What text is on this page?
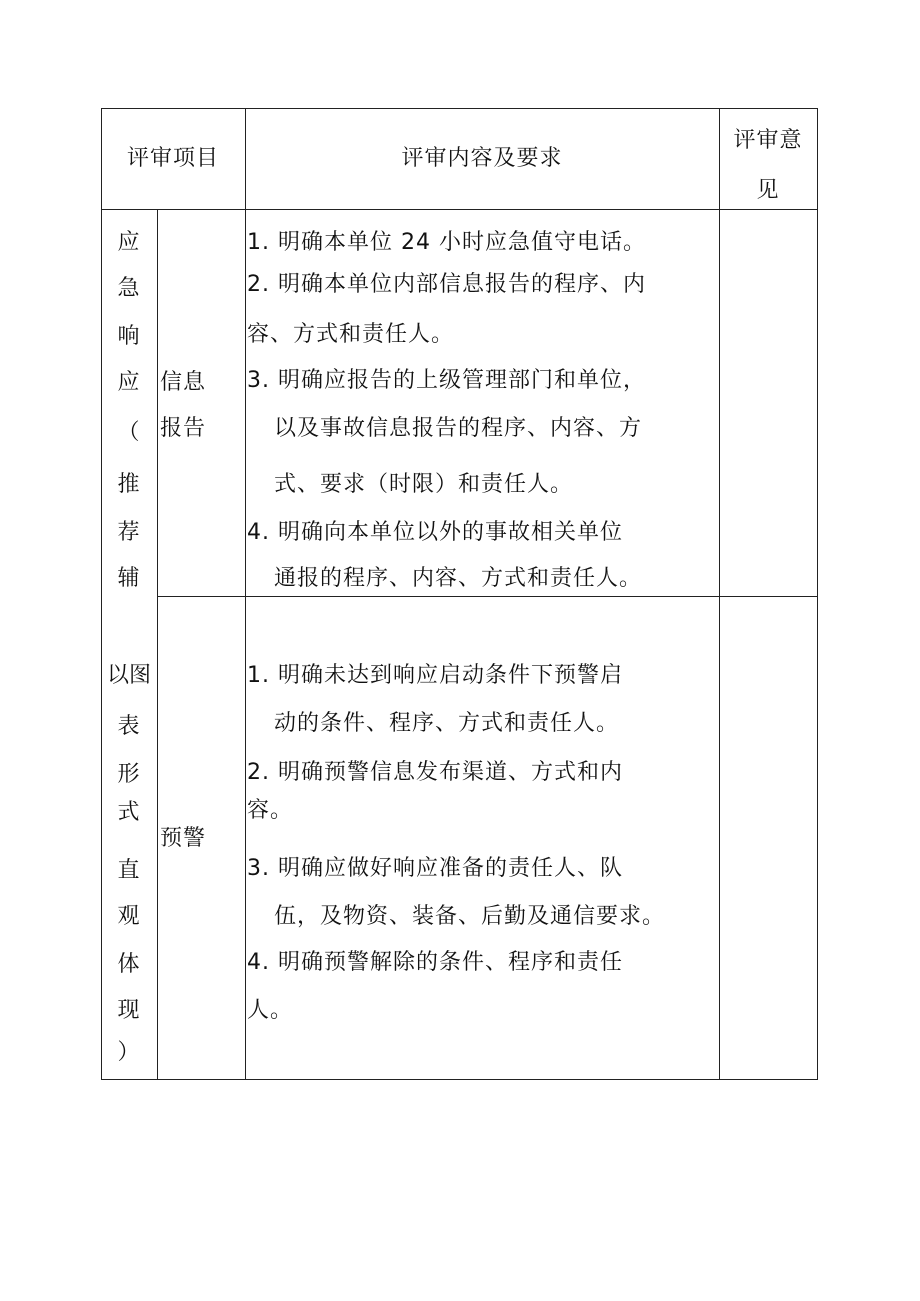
评审项目	评审内容及要求
评审意
见
应
急
响
应
（
推
荐
辅
以图
表
形
式
直
观
体
现
）
信息
报告
1. 明确本单位 24 小时应急值守电话。
2. 明确本单位内部信息报告的程序、内
容、方式和责任人。
3. 明确应报告的上级管理部门和单位，
以及事故信息报告的程序、内容、方
式、要求（时限）和责任人。
4. 明确向本单位以外的事故相关单位
通报的程序、内容、方式和责任人。
预警
1. 明确未达到响应启动条件下预警启
动的条件、程序、方式和责任人。
2. 明确预警信息发布渠道、方式和内
容。
3. 明确应做好响应准备的责任人、队
伍，及物资、装备、后勤及通信要求。
4. 明确预警解除的条件、程序和责任
人。
